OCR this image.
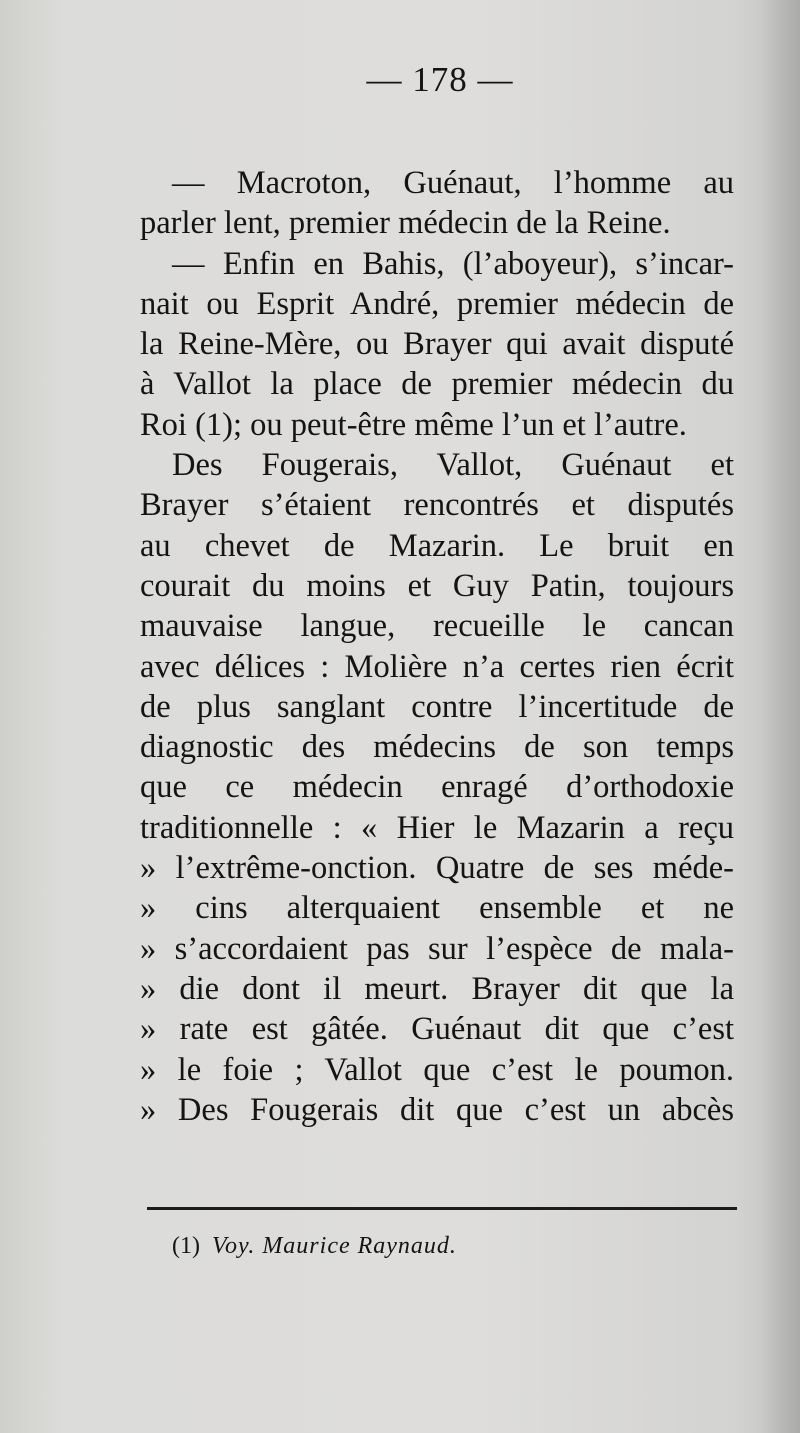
— 178 —
— Macroton, Guénaut, l’homme au
parler lent, premier médecin de la Reine.
— Enfin en Bahis, (l’aboyeur), s’incar-
nait ou Esprit André, premier médecin de
la Reine-Mère, ou Brayer qui avait disputé
à Vallot la place de premier médecin du
Roi (1); ou peut-être même l’un et l’autre.
Des Fougerais, Vallot, Guénaut et
Brayer s’étaient rencontrés et disputés
au chevet de Mazarin. Le bruit en
courait du moins et Guy Patin, toujours
mauvaise langue, recueille le cancan
avec délices : Molière n’a certes rien écrit
de plus sanglant contre l’incertitude de
diagnostic des médecins de son temps
que ce médecin enragé d’orthodoxie
traditionnelle : « Hier le Mazarin a reçu
» l’extrême-onction. Quatre de ses méde-
» cins alterquaient ensemble et ne
» s’accordaient pas sur l’espèce de mala-
» die dont il meurt. Brayer dit que la
» rate est gâtée. Guénaut dit que c’est
» le foie ; Vallot que c’est le poumon.
» Des Fougerais dit que c’est un abcès
(1) Voy. Maurice Raynaud.
